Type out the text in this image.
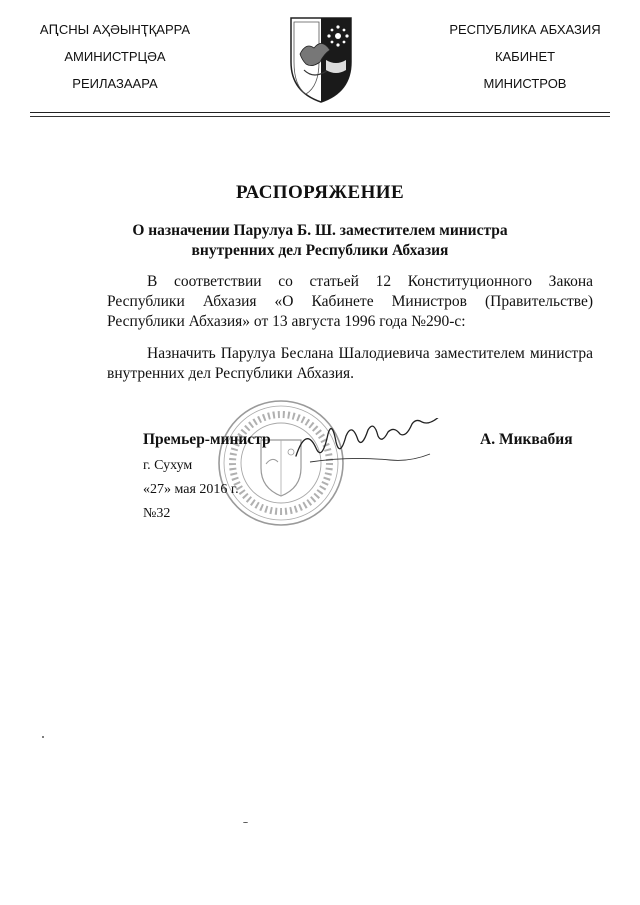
АԤСНЫ АҲӘЫНҬҚАРРА
АМИНИСТРЦӘА
РЕИЛАЗААРА
РЕСПУБЛИКА АБХАЗИЯ
КАБИНЕТ
МИНИСТРОВ
РАСПОРЯЖЕНИЕ
О назначении Парулуа Б. Ш. заместителем министра
внутренних дел Республики Абхазия
В соответствии со статьей 12 Конституционного Закона Республики Абхазия «О Кабинете Министров (Правительстве) Республики Абхазия» от 13 августа 1996 года №290-с:
Назначить Парулуа Беслана Шалодиевича заместителем министра внутренних дел Республики Абхазия.
Премьер-министр	А. Миквабия
г. Сухум
«27» мая 2016 г.
№32
